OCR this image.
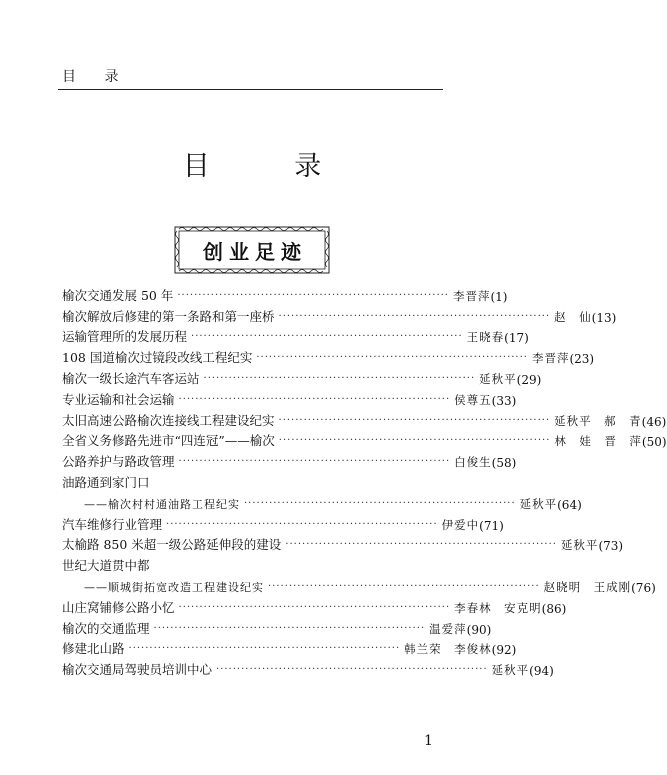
目 录
目 录
创业足迹
榆次交通发展 50 年 ································································· 李晋萍 (1)
榆次解放后修建的第一条路和第一座桥 ································································· 赵　仙 (13)
运输管理所的发展历程 ································································· 王晓春 (17)
108 国道榆次过镜段改线工程纪实 ································································· 李晋萍 (23)
榆次一级长途汽车客运站 ································································· 延秋平 (29)
专业运输和社会运输 ································································· 侯尊五 (33)
太旧高速公路榆次连接线工程建设纪实 ································································· 延秋平　郝　青 (46)
全省义务修路先进市“四连冠”——榆次 ································································· 林　娃　晋　萍 (50)
公路养护与路政管理 ································································· 白俊生 (58)
油路通到家门口
——榆次村村通油路工程纪实 ································································· 延秋平 (64)
汽车维修行业管理 ································································· 伊爱中 (71)
太榆路 850 米超一级公路延伸段的建设 ································································· 延秋平 (73)
世纪大道贯中都
——顺城街拓宽改造工程建设纪实 ································································· 赵晓明　王成刚 (76)
山庄窝铺修公路小忆 ································································· 李春林　安克明 (86)
榆次的交通监理 ································································· 温爱萍 (90)
修建北山路 ································································· 韩兰荣　李俊林 (92)
榆次交通局驾驶员培训中心 ································································· 延秋平 (94)
1
